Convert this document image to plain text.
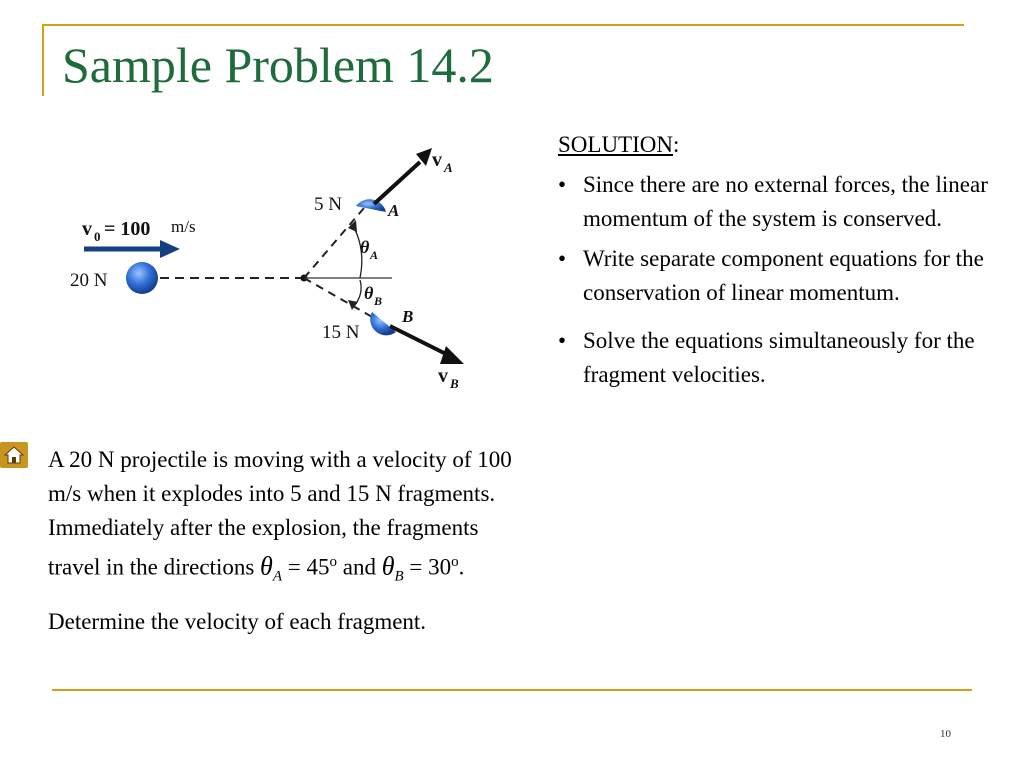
Sample Problem 14.2
v 0 = 100 m/s
20 N
θ A
θ B
5 N	A
v A
B
15 N
v B

SOLUTION:

• Since there are no external forces, the linear momentum of the system is conserved.
• Write separate component equations for the conservation of linear momentum.
• Solve the equations simultaneously for the fragment velocities.

A 20 N projectile is moving with a velocity of 100 m/s when it explodes into 5 and 15 N fragments. Immediately after the explosion, the fragments travel in the directions $\theta_A = 45^o$ and $\theta_B = 30^o$.

Determine the velocity of each fragment.

10
